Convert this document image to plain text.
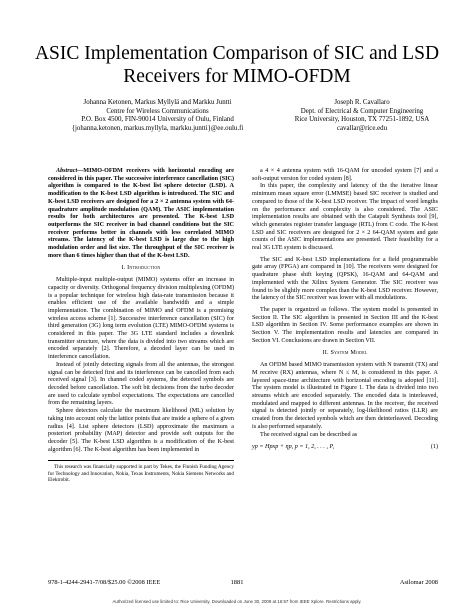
ASIC Implementation Comparison of SIC and LSD Receivers for MIMO-OFDM
Johanna Ketonen, Markus Myllylä and Markku Juntti
Centre for Wireless Communications
P.O. Box 4500, FIN-90014 University of Oulu, Finland
{johanna.ketonen, markus.myllyla, markku.juntti}@ee.oulu.fi
Joseph R. Cavallaro
Dept. of Electrical & Computer Engineering
Rice University, Houston, TX 77251-1892, USA
cavallar@rice.edu

Abstract—MIMO-OFDM receivers with horizontal encoding are considered in this paper. The successive interference cancellation (SIC) algorithm is compared to the K-best list sphere detector (LSD). A modification to the K-best LSD algorithm is introduced. The SIC and K-best LSD receivers are designed for a 2 × 2 antenna system with 64-quadrature amplitude modulation (QAM). The ASIC implementation results for both architectures are presented. The K-best LSD outperforms the SIC receiver in bad channel conditions but the SIC receiver performs better in channels with less correlated MIMO streams. The latency of the K-best LSD is large due to the high modulation order and list size. The throughput of the SIC receiver is more than 6 times higher than that of the K-best LSD.

I. Introduction

Multiple-input multiple-output (MIMO) systems offer an increase in capacity or diversity. Orthogonal frequency division multiplexing (OFDM) is a popular technique for wireless high data-rate transmission because it enables efficient use of the available bandwidth and a simple implementation. The combination of MIMO and OFDM is a promising wireless access scheme [1]. Successive interference cancellation (SIC) for third generation (3G) long term evolution (LTE) MIMO-OFDM systems is considered in this paper. The 3G LTE standard includes a downlink transmitter structure, where the data is divided into two streams which are encoded separately [2]. Therefore, a decoded layer can be used in interference cancellation.

Instead of jointly detecting signals from all the antennas, the strongest signal can be detected first and its interference can be cancelled from each received signal [3]. In channel coded systems, the detected symbols are decoded before cancellation. The soft bit decisions from the turbo decoder are used to calculate symbol expectations. The expectations are cancelled from the remaining layers.

Sphere detectors calculate the maximum likelihood (ML) solution by taking into account only the lattice points that are inside a sphere of a given radius [4]. List sphere detectors (LSD) approximate the maximum a posteriori probability (MAP) detector and provide soft outputs for the decoder [5]. The K-best LSD algorithm is a modification of the K-best algorithm [6]. The K-best algorithm has been implemented in

This research was financially supported in part by Tekes, the Finnish Funding Agency for Technology and Innovation, Nokia, Texas Instruments, Nokia Siemens Networks and Elektrobit.

a 4 × 4 antenna system with 16-QAM for uncoded system [7] and a soft-output version for coded system [8].

In this paper, the complexity and latency of the the iterative linear minimum mean square error (LMMSE) based SIC receiver is studied and compared to those of the K-best LSD receiver. The impact of word lengths on the performance and complexity is also considered. The ASIC implementation results are obtained with the Catapult Synthesis tool [9], which generates register transfer language (RTL) from C code. The K-best LSD and SIC receivers are designed for 2 × 2 64-QAM system and gate counts of the ASIC implementations are presented. Their feasibility for a real 3G LTE system is discussed.

The SIC and K-best LSD implementations for a field programmable gate array (FPGA) are compared in [10]. The receivers were designed for quadrature phase shift keying (QPSK), 16-QAM and 64-QAM and implemented with the Xilinx System Generator. The SIC receiver was found to be slightly more complex than the K-best LSD receiver. However, the latency of the SIC receiver was lower with all modulations.

The paper is organized as follows. The system model is presented in Section II. The SIC algorithm is presented in Section III and the K-best LSD algorithm in Section IV. Some performance examples are shown in Section V. The implementation results and latencies are compared in Section VI. Conclusions are drawn in Section VII.

II. System Model

An OFDM based MIMO transmission system with N transmit (TX) and M receive (RX) antennas, where N ≤ M, is considered in this paper. A layered space-time architecture with horizontal encoding is adopted [11]. The system model is illustrated in Figure 1. The data is divided into two streams which are encoded separately. The encoded data is interleaved, modulated and mapped to different antennas. In the receiver, the received signal is detected jointly or separately, log-likelihood ratios (LLR) are created from the detected symbols which are then deinterleaved. Decoding is also performed separately.

The received signal can be described as

yp = Hpxp + ηp, p = 1, 2, . . . , P,	(1)
978-1-4244-2941-7/08/$25.00 ©2008 IEEE	1881	Asilomar 2008
Authorized licensed use limited to: Rice University. Downloaded on June 30, 2009 at 16:57 from IEEE Xplore. Restrictions apply.
